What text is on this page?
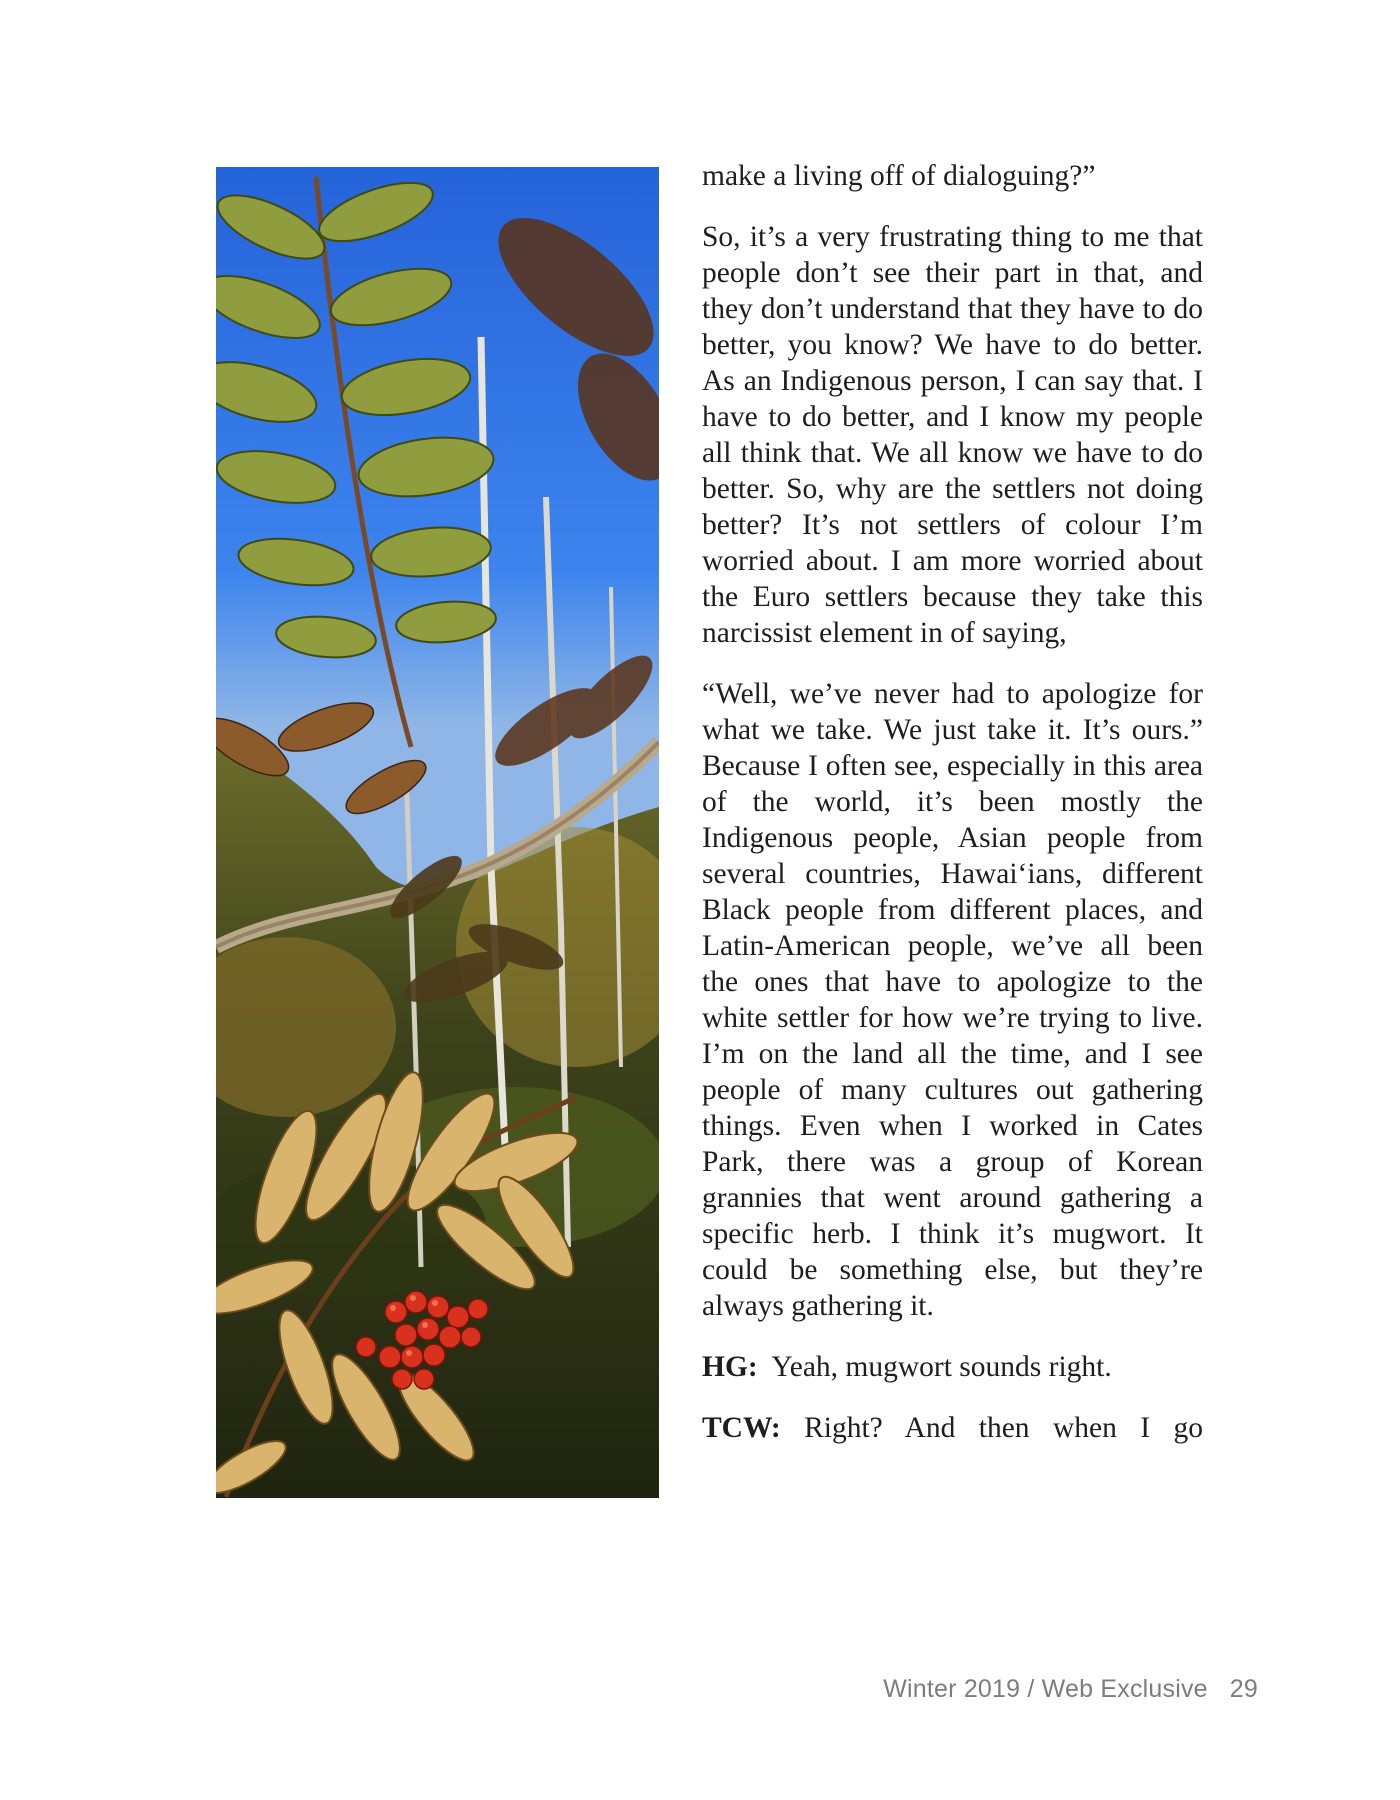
make a living off of dialoguing?”

So, it’s a very frustrating thing to me that people don’t see their part in that, and they don’t understand that they have to do better, you know? We have to do better. As an Indigenous person, I can say that. I have to do better, and I know my people all think that. We all know we have to do better. So, why are the settlers not doing better? It’s not settlers of colour I’m worried about. I am more worried about the Euro settlers because they take this narcissist element in of saying,

“Well, we’ve never had to apologize for what we take. We just take it. It’s ours.” Because I often see, especially in this area of the world, it’s been mostly the Indigenous people, Asian people from several countries, Hawaiʻians, different Black people from different places, and Latin-American people, we’ve all been the ones that have to apologize to the white settler for how we’re trying to live. I’m on the land all the time, and I see people of many cultures out gathering things. Even when I worked in Cates Park, there was a group of Korean grannies that went around gathering a specific herb. I think it’s mugwort. It could be something else, but they’re always gathering it.

HG: Yeah, mugwort sounds right.

TCW: Right? And then when I go

Winter 2019 / Web Exclusive 29
